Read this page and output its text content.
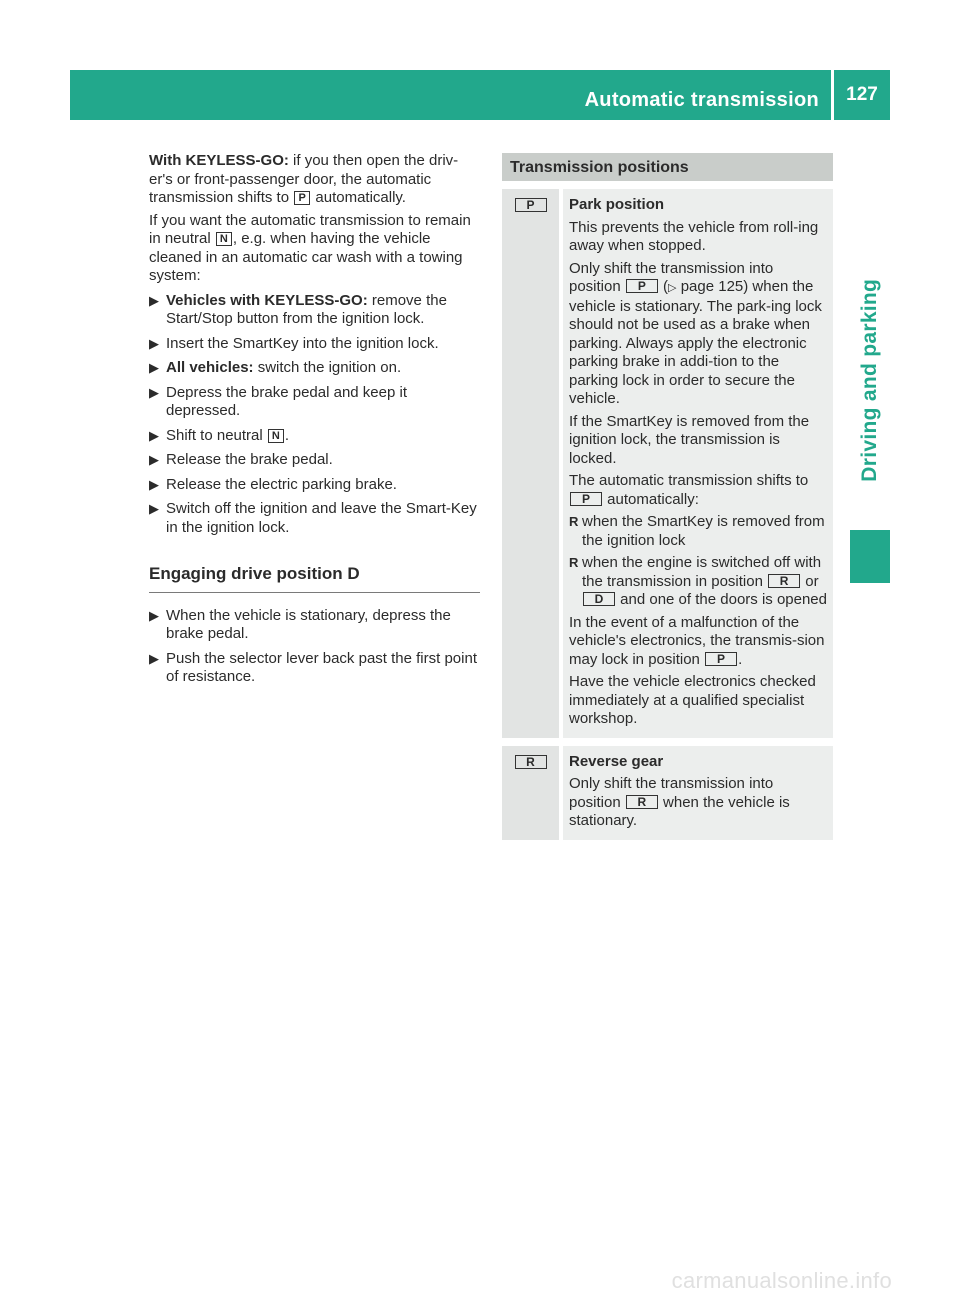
Automatic transmission	127
Driving and parking

With KEYLESS-GO: if you then open the driv-er's or front-passenger door, the automatic transmission shifts to P automatically.

If you want the automatic transmission to remain in neutral N , e.g. when having the vehicle cleaned in an automatic car wash with a towing system:

▶ Vehicles with KEYLESS-GO: remove the Start/Stop button from the ignition lock.
▶ Insert the SmartKey into the ignition lock.
▶ All vehicles: switch the ignition on.
▶ Depress the brake pedal and keep it depressed.
▶ Shift to neutral N .
▶ Release the brake pedal.
▶ Release the electric parking brake.
▶ Switch off the ignition and leave the Smart-Key in the ignition lock.
Engaging drive position D
▶ When the vehicle is stationary, depress the brake pedal.
▶ Push the selector lever back past the first point of resistance.
Transmission positions
P	Park position

This prevents the vehicle from roll-ing away when stopped.

Only shift the transmission into position P (▷ page 125) when the vehicle is stationary. The park-ing lock should not be used as a brake when parking. Always apply the electronic parking brake in addi-tion to the parking lock in order to secure the vehicle.

If the SmartKey is removed from the ignition lock, the transmission is locked.

The automatic transmission shifts to P automatically:

R when the SmartKey is removed from the ignition lock
R when the engine is switched off with the transmission in position R or D and one of the doors is opened

In the event of a malfunction of the vehicle's electronics, the transmis-sion may lock in position P .

Have the vehicle electronics checked immediately at a qualified specialist workshop.

R	Reverse gear

Only shift the transmission into position R when the vehicle is stationary.

carmanualsonline.info
